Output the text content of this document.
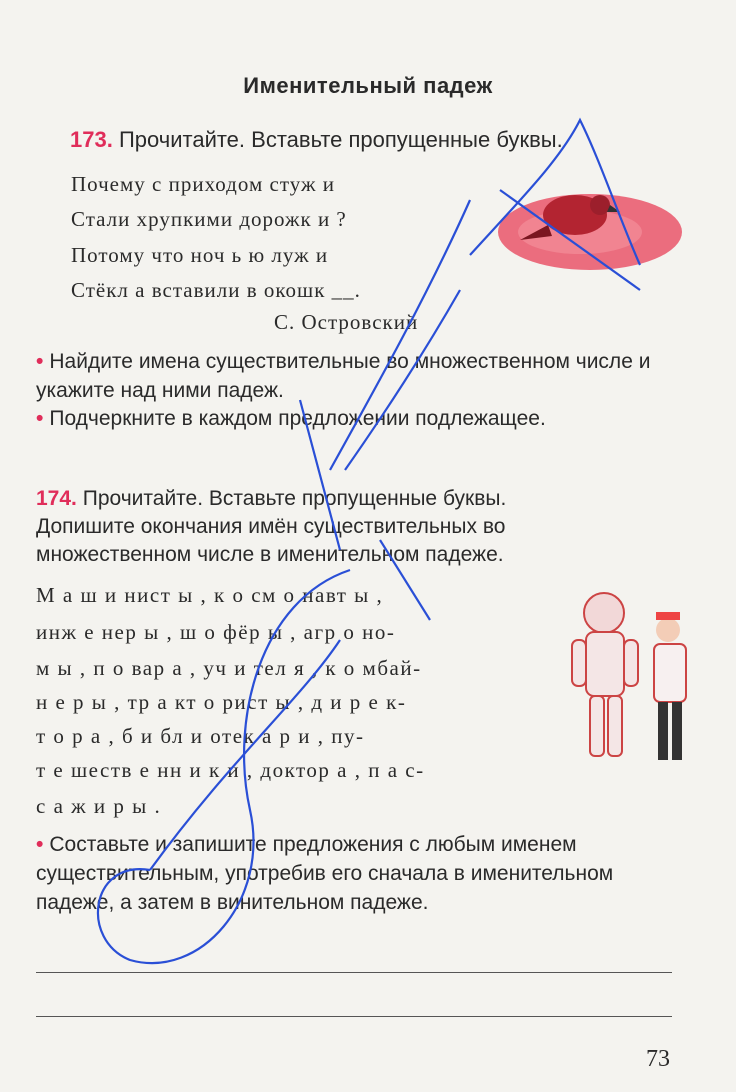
Именительный падеж
173. Прочитайте. Вставьте пропущенные буквы.
Почему с приходом стуж и
Стали хрупкими дорожк и ?
Потому что ноч ь ю луж и
Стёкл а вставили в окошк __.
С. Островский
• Найдите имена существительные во множественном числе и укажите над ними падеж.
• Подчеркните в каждом предложении подлежащее.
174. Прочитайте. Вставьте пропущенные буквы.
Допишите окончания имён существительных во
множественном числе в именительном падеже.
М а ш и нист ы , к о см о навт ы ,
инж е нер ы , ш о фёр ы , агр о но-
м ы , п о вар а , уч и тел я , к о мбай-
н е р ы , тр а кт о рист ы , д и р е к-
т о р а , б и бл и отек а р и , пу-
т е шеств е нн и к и , доктор а , п а с-
с а ж и р ы .
• Составьте и запишите предложения с любым именем существительным, употребив его сначала в именительном падеже, а затем в винительном падеже.
73
